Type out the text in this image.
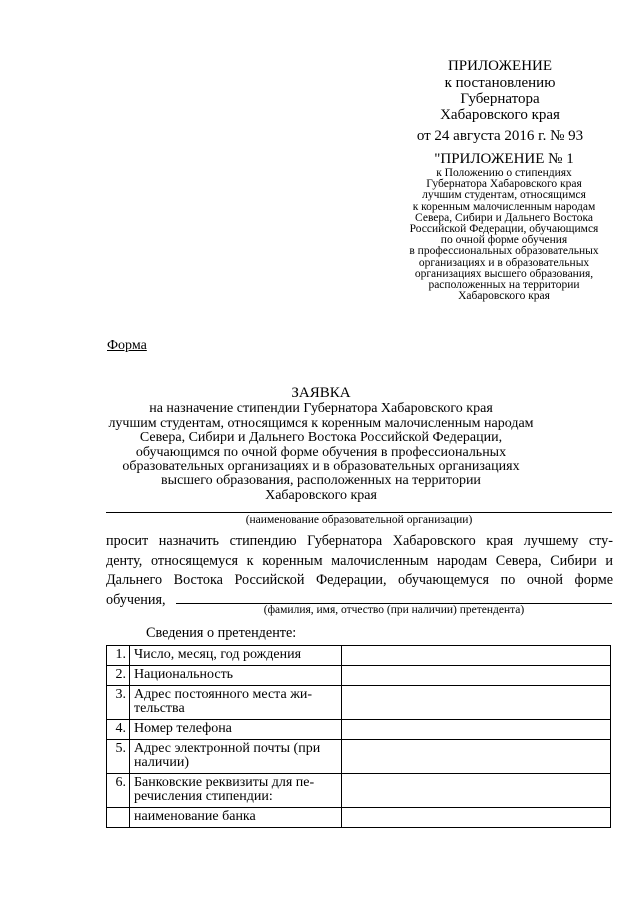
ПРИЛОЖЕНИЕ
к постановлению
Губернатора
Хабаровского края
от 24 августа 2016 г. № 93
"ПРИЛОЖЕНИЕ № 1
к Положению о стипендиях
Губернатора Хабаровского края
лучшим студентам, относящимся
к коренным малочисленным народам
Севера, Сибири и Дальнего Востока
Российской Федерации, обучающимся
по очной форме обучения
в профессиональных образовательных
организациях и в образовательных
организациях высшего образования,
расположенных на территории
Хабаровского края
Форма
ЗАЯВКА
на назначение стипендии Губернатора Хабаровского края
лучшим студентам, относящимся к коренным малочисленным народам
Севера, Сибири и Дальнего Востока Российской Федерации,
обучающимся по очной форме обучения в профессиональных
образовательных организациях и в образовательных организациях
высшего образования, расположенных на территории
Хабаровского края
(наименование образовательной организации)
просит назначить стипендию Губернатора Хабаровского края лучшему сту-
денту, относящемуся к коренным малочисленным народам Севера, Сибири и
Дальнего Востока Российской Федерации, обучающемуся по очной форме
обучения,
(фамилия, имя, отчество (при наличии) претендента)
Сведения о претенденте:
1.	Число, месяц, год рождения	
2.	Национальность	
3.	Адрес постоянного места жи-тельства	
4.	Номер телефона	
5.	Адрес электронной почты (при наличии)	
6.	Банковские реквизиты для пе-речисления стипендии:	
	наименование банка	
